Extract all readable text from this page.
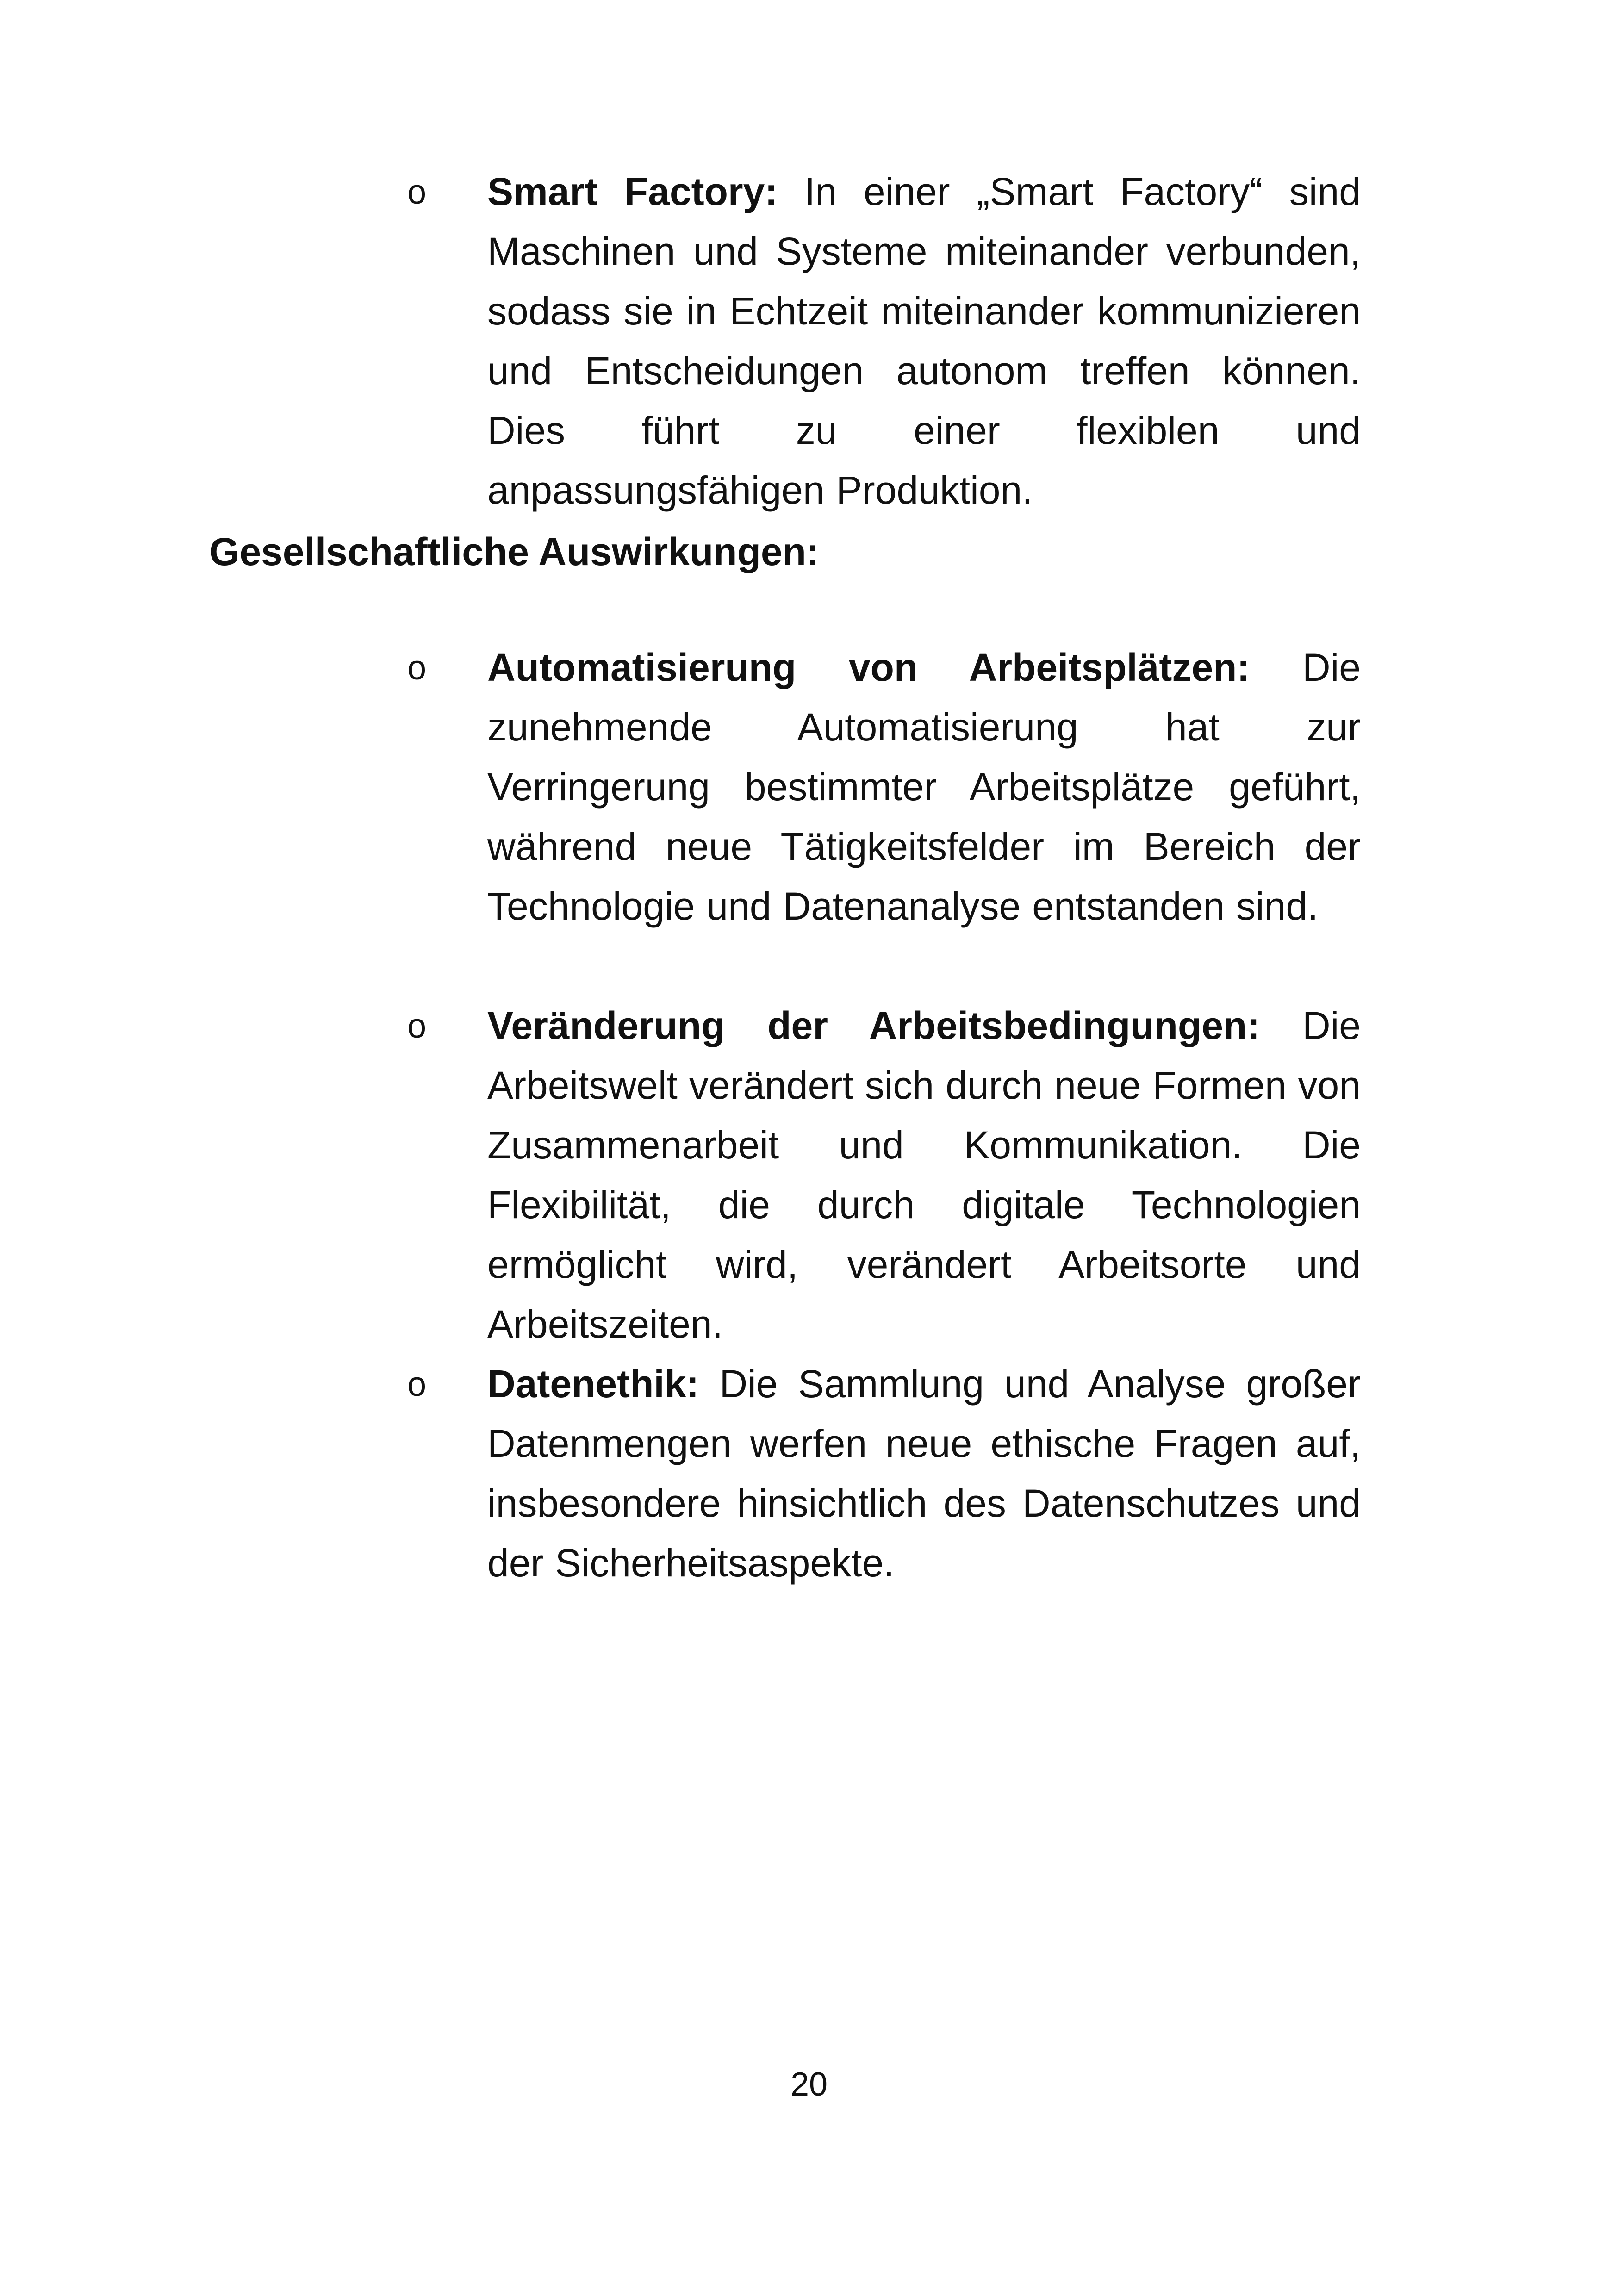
o Smart Factory: In einer „Smart Factory“ sind Maschinen und Systeme miteinander verbunden, sodass sie in Echtzeit miteinander kommunizieren und Entscheidungen autonom treffen können. Dies führt zu einer flexiblen und anpassungsfähigen Produktion.
Gesellschaftliche Auswirkungen:
o Automatisierung von Arbeitsplätzen: Die zunehmende Automatisierung hat zur Verringerung bestimmter Arbeitsplätze geführt, während neue Tätigkeitsfelder im Bereich der Technologie und Datenanalyse entstanden sind.
o Veränderung der Arbeitsbedingungen: Die Arbeitswelt verändert sich durch neue Formen von Zusammenarbeit und Kommunikation. Die Flexibilität, die durch digitale Technologien ermöglicht wird, verändert Arbeitsorte und Arbeitszeiten.
o Datenethik: Die Sammlung und Analyse großer Datenmengen werfen neue ethische Fragen auf, insbesondere hinsichtlich des Datenschutzes und der Sicherheitsaspekte.
20
